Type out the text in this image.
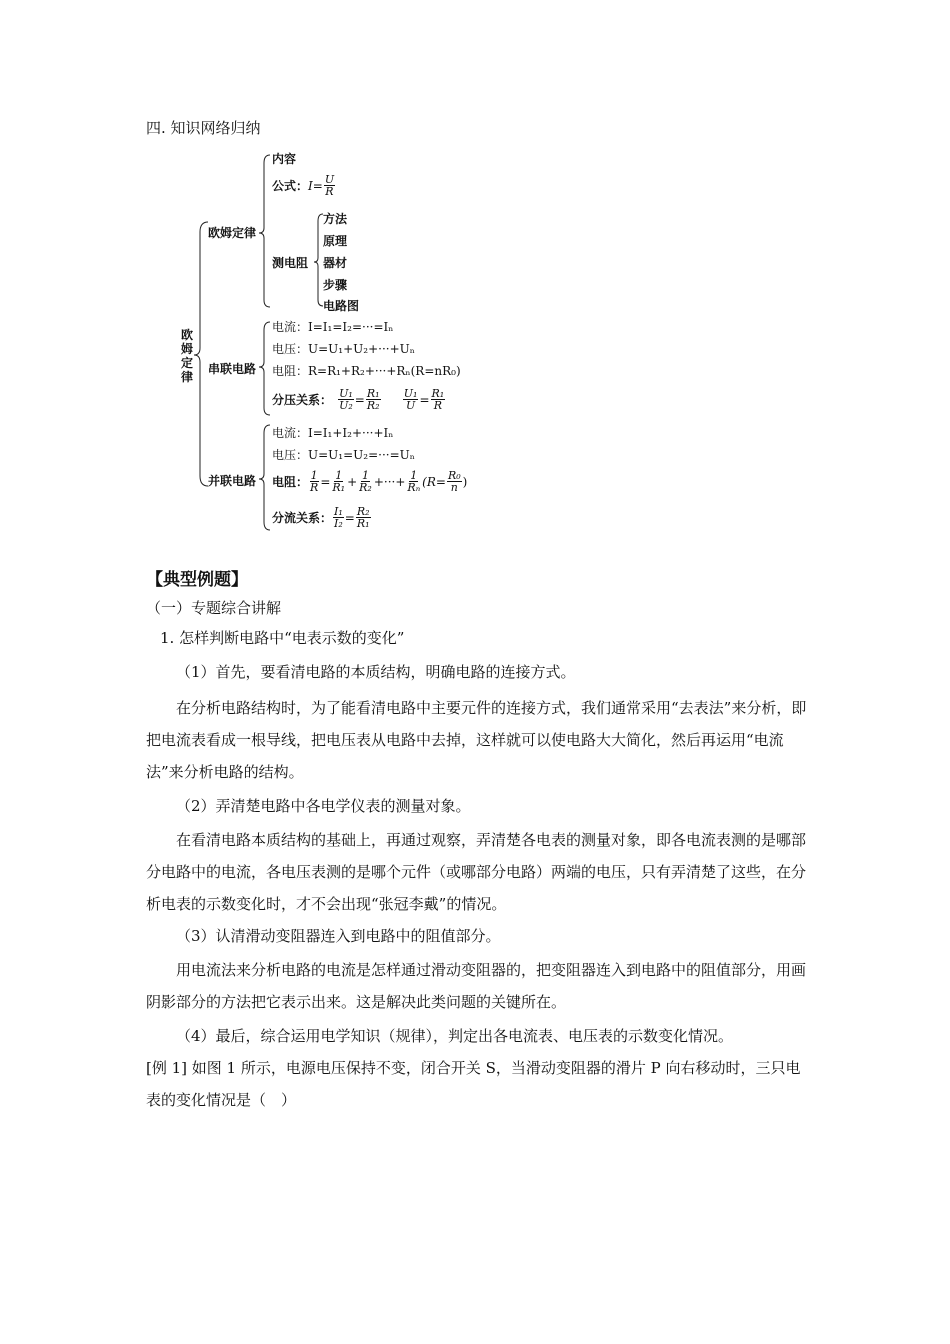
四. 知识网络归纳
欧姆定律
欧姆定律
内容
公式：$I= \frac{U}{R}$
测电阻
方法
原理
器材
步骤
电路图
串联电路
电流：I=I₁=I₂=···=Iₙ
电压：U=U₁+U₂+···+Uₙ
电阻：R=R₁+R₂+···+Rₙ(R=nR₀)
分压关系： $\frac{\text{U₁}}{\text{U₂}} = \frac{\text{R₁}}{\text{R₂}}$
$\frac{\text{U₁}}{U} = \frac{\text{R₁}}{R}$
并联电路
电流：I=I₁+I₂+···+Iₙ
电压：U=U₁=U₂=···=Uₙ
电阻： $\frac{1}{R} = \frac{1}{\text{R₁}} + \frac{1}{\text{R₂}}$ +···+ $\frac{1}{\text{Rₙ}} (R= \frac{\text{R₀}}{n}$ )
分流关系： $\frac{\text{I₁}}{\text{I₂}} = \frac{\text{R₂}}{\text{R₁}}$
【典型例题】
（一）专题综合讲解
1. 怎样判断电路中“电表示数的变化”
（1）首先，要看清电路的本质结构，明确电路的连接方式。
在分析电路结构时，为了能看清电路中主要元件的连接方式，我们通常采用“去表法”来分析，即把电流表看成一根导线，把电压表从电路中去掉，这样就可以使电路大大简化，然后再运用“电流法”来分析电路的结构。
（2）弄清楚电路中各电学仪表的测量对象。
在看清电路本质结构的基础上，再通过观察，弄清楚各电表的测量对象，即各电流表测的是哪部分电路中的电流，各电压表测的是哪个元件（或哪部分电路）两端的电压，只有弄清楚了这些，在分析电表的示数变化时，才不会出现“张冠李戴”的情况。
（3）认清滑动变阻器连入到电路中的阻值部分。
用电流法来分析电路的电流是怎样通过滑动变阻器的，把变阻器连入到电路中的阻值部分，用画阴影部分的方法把它表示出来。这是解决此类问题的关键所在。
（4）最后，综合运用电学知识（规律），判定出各电流表、电压表的示数变化情况。
[例 1] 如图 1 所示，电源电压保持不变，闭合开关 S，当滑动变阻器的滑片 P 向右移动时，三只电表的变化情况是（　）
